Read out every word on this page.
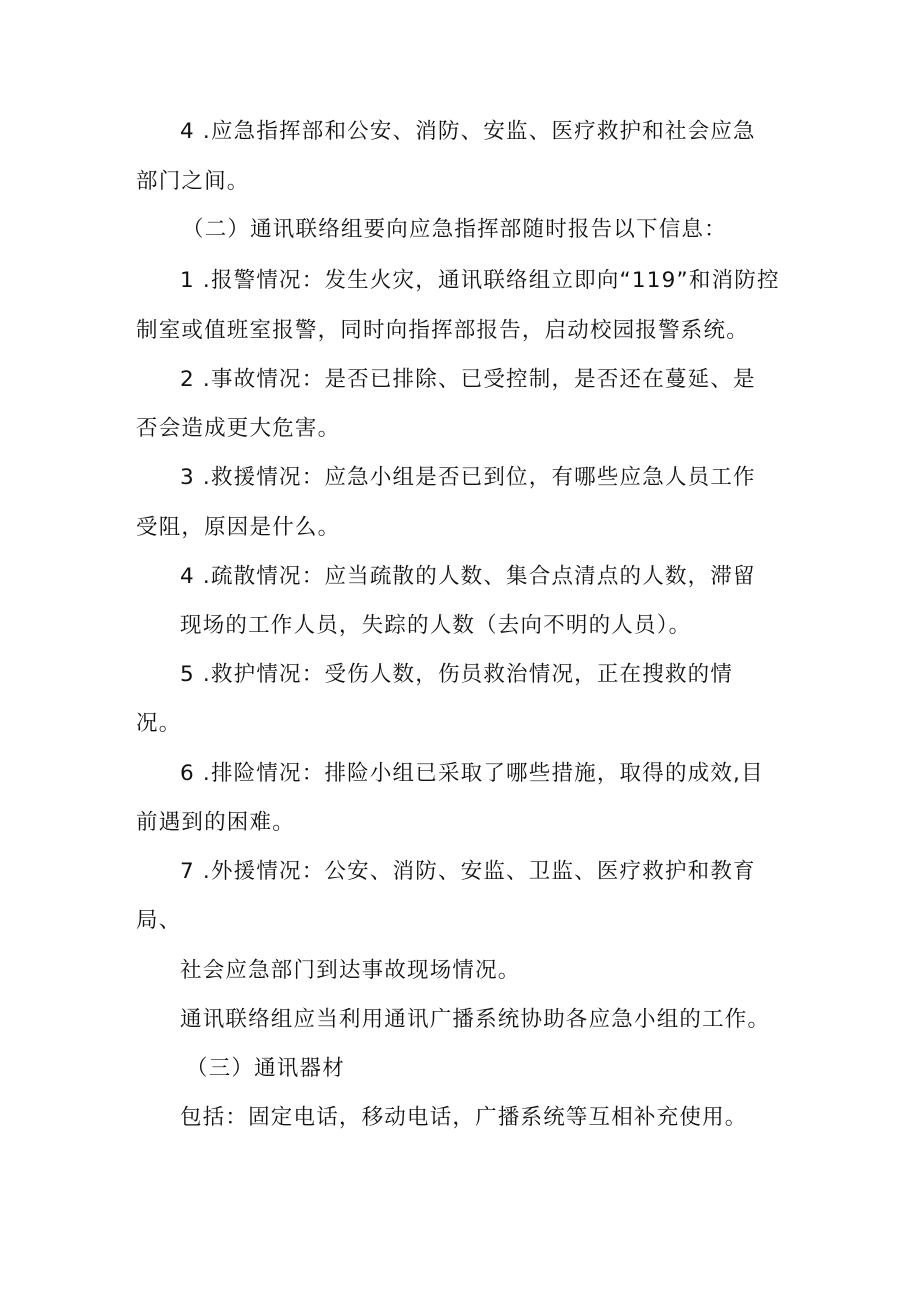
4 .应急指挥部和公安、消防、安监、医疗救护和社会应急
部门之间。
（二）通讯联络组要向应急指挥部随时报告以下信息：
1 .报警情况：发生火灾，通讯联络组立即向“119”和消防控
制室或值班室报警，同时向指挥部报告，启动校园报警系统。
2 .事故情况：是否已排除、已受控制，是否还在蔓延、是
否会造成更大危害。
3 .救援情况：应急小组是否已到位，有哪些应急人员工作
受阻，原因是什么。
4 .疏散情况：应当疏散的人数、集合点清点的人数，滞留
现场的工作人员，失踪的人数（去向不明的人员）。
5 .救护情况：受伤人数，伤员救治情况，正在搜救的情
况。
6 .排险情况：排险小组已采取了哪些措施，取得的成效,目
前遇到的困难。
7 .外援情况：公安、消防、安监、卫监、医疗救护和教育
局、
社会应急部门到达事故现场情况。
通讯联络组应当利用通讯广播系统协助各应急小组的工作。
（三）通讯器材
包括：固定电话，移动电话，广播系统等互相补充使用。
